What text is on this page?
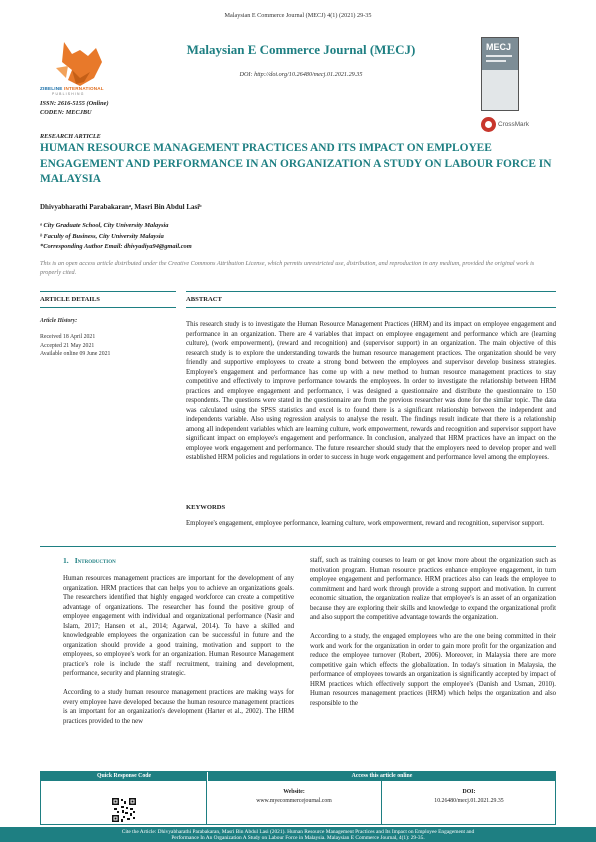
Malaysian E Commerce Journal (MECJ) 4(1) (2021) 29-35
ZIBELINE INTERNATIONAL
PUBLISHING
ISSN: 2616-5155 (Online)
CODEN: MECJBU
Malaysian E Commerce Journal (MECJ)
DOI: http://doi.org/10.26480/mecj.01.2021.29.35
MECJ
CrossMark
RESEARCH ARTICLE
HUMAN RESOURCE MANAGEMENT PRACTICES AND ITS IMPACT ON EMPLOYEE ENGAGEMENT AND PERFORMANCE IN AN ORGANIZATION A STUDY ON LABOUR FORCE IN MALAYSIA
Dhivyabharathi Parabakaranᵃ, Masri Bin Abdul Lasiᵇ
ᵃ City Graduate School, City University Malaysia
ᵇ Faculty of Business, City University Malaysia
*Corresponding Author Email: dhivyadiya94@gmail.com
This is an open access article distributed under the Creative Commons Attribution License, which permits unrestricted use, distribution, and reproduction in any medium, provided the original work is properly cited.
ARTICLE DETAILS	ABSTRACT
Article History:
Received 18 April 2021
Accepted 21 May 2021
Available online 09 June 2021
This research study is to investigate the Human Resource Management Practices (HRM) and its impact on employee engagement and performance in an organization. There are 4 variables that impact on employee engagement and performance which are (learning culture), (work empowerment), (reward and recognition) and (supervisor support) in an organization. The main objective of this research study is to explore the understanding towards the human resource management practices. The organization should be very friendly and supportive employees to create a strong bond between the employees and supervisor develop business strategies. Employee's engagement and performance has come up with a new method to human resource management practices to stay competitive and effectively to improve performance towards the employees. In order to investigate the relationship between HRM practices and employee engagement and performance, i was designed a questionnaire and distribute the questionnaire to 150 respondents. The questions were stated in the questionnaire are from the previous researcher was done for the similar topic. The data was calculated using the SPSS statistics and excel is to found there is a significant relationship between the independent and independents variable. Also using regression analysis to analyse the result. The findings result indicate that there is a relationship among all independent variables which are learning culture, work empowerment, rewards and recognition and supervisor support have significant impact on employee's engagement and performance. In conclusion, analyzed that HRM practices have an impact on the employee work engagement and performance. The future researcher should study that the employers need to develop proper and well established HRM policies and regulations in order to success in huge work engagement and performance level among the employees.
KEYWORDS
Employee's engagement, employee performance, learning culture, work empowerment, reward and recognition, supervisor support.
1. Introduction

Human resources management practices are important for the development of any organization. HRM practices that can helps you to achieve an organizations goals. The researchers identified that highly engaged workforce can create a competitive advantage of organizations. The researcher has found the positive group of employee engagement with individual and organizational performance (Nasir and Islam, 2017; Hansen et al., 2014; Agarwal, 2014). To have a skilled and knowledgeable employees the organization can be successful in future and the organization should provide a good training, motivation and support to the employees, so employee's work for an organization. Human Resource Management practice's role is include the staff recruitment, training and development, performance, security and planning strategic.

According to a study human resource management practices are making ways for every employee have developed because the human resource management practices is an important for an organization's development (Harter et al., 2002). The HRM practices provided to the new

staff, such as training courses to learn or get know more about the organization such as motivation program. Human resource practices enhance employee engagement, in turn employee engagement and performance. HRM practices also can leads the employee to commitment and hard work through provide a strong support and motivation. In current economic situation, the organization realize that employee's is an asset of an organization because they are exploring their skills and knowledge to expand the organizational profit and also support the competitive advantage towards the organization.

According to a study, the engaged employees who are the one being committed in their work and work for the organization in order to gain more profit for the organization and reduce the employee turnover (Robert, 2006). Moreover, in Malaysia there are more competitive gain which effects the globalization. In today's situation in Malaysia, the performance of employees towards an organization is significantly accepted by impact of HRM practices which effectively support the employee's (Danish and Usman, 2010). Human resources management practices (HRM) which helps the organization and also responsible to the

Quick Response Code	Access this article online
Website:
www.myecommercejournal.com
DOI:
10.26480/mecj.01.2021.29.35
Cite the Article: Dhivyabharathi Parabakaran, Masri Bin Abdul Lasi (2021). Human Resource Management Practices and Its Impact on Employee Engagement and
Performance In An Organization A Study on Labour Force in Malaysia. Malaysian E Commerce Journal, 4(1): 29-35.
